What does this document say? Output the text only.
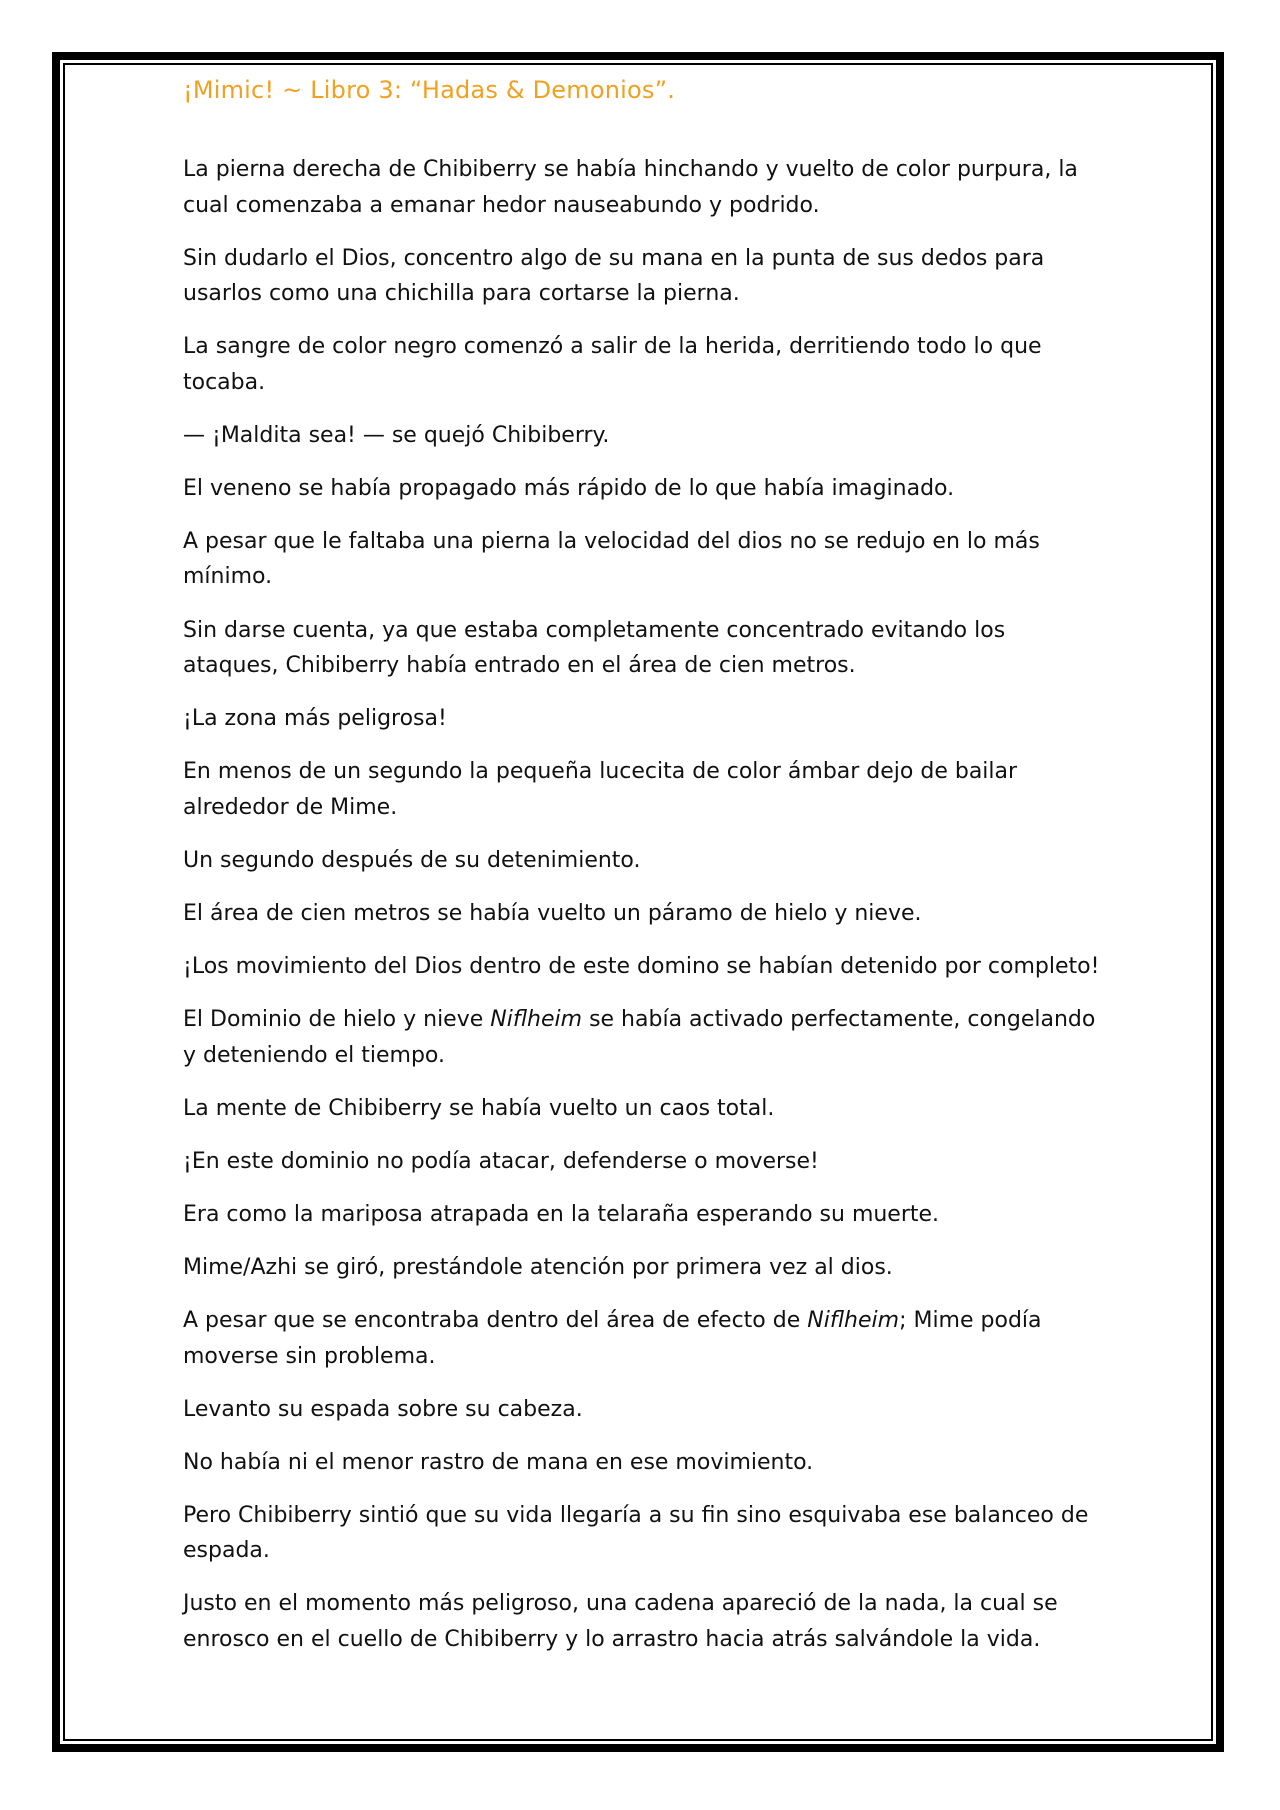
¡Mimic! ~ Libro 3: “Hadas & Demonios”.

La pierna derecha de Chibiberry se había hinchando y vuelto de color purpura, la cual comenzaba a emanar hedor nauseabundo y podrido.

Sin dudarlo el Dios, concentro algo de su mana en la punta de sus dedos para usarlos como una chichilla para cortarse la pierna.

La sangre de color negro comenzó a salir de la herida, derritiendo todo lo que tocaba.

— ¡Maldita sea! — se quejó Chibiberry.

El veneno se había propagado más rápido de lo que había imaginado.

A pesar que le faltaba una pierna la velocidad del dios no se redujo en lo más mínimo.

Sin darse cuenta, ya que estaba completamente concentrado evitando los ataques, Chibiberry había entrado en el área de cien metros.

¡La zona más peligrosa!

En menos de un segundo la pequeña lucecita de color ámbar dejo de bailar alrededor de Mime.

Un segundo después de su detenimiento.

El área de cien metros se había vuelto un páramo de hielo y nieve.

¡Los movimiento del Dios dentro de este domino se habían detenido por completo!

El Dominio de hielo y nieve Niflheim se había activado perfectamente, congelando y deteniendo el tiempo.

La mente de Chibiberry se había vuelto un caos total.

¡En este dominio no podía atacar, defenderse o moverse!

Era como la mariposa atrapada en la telaraña esperando su muerte.

Mime/Azhi se giró, prestándole atención por primera vez al dios.

A pesar que se encontraba dentro del área de efecto de Niflheim; Mime podía moverse sin problema.

Levanto su espada sobre su cabeza.

No había ni el menor rastro de mana en ese movimiento.

Pero Chibiberry sintió que su vida llegaría a su fin sino esquivaba ese balanceo de espada.

Justo en el momento más peligroso, una cadena apareció de la nada, la cual se enrosco en el cuello de Chibiberry y lo arrastro hacia atrás salvándole la vida.
